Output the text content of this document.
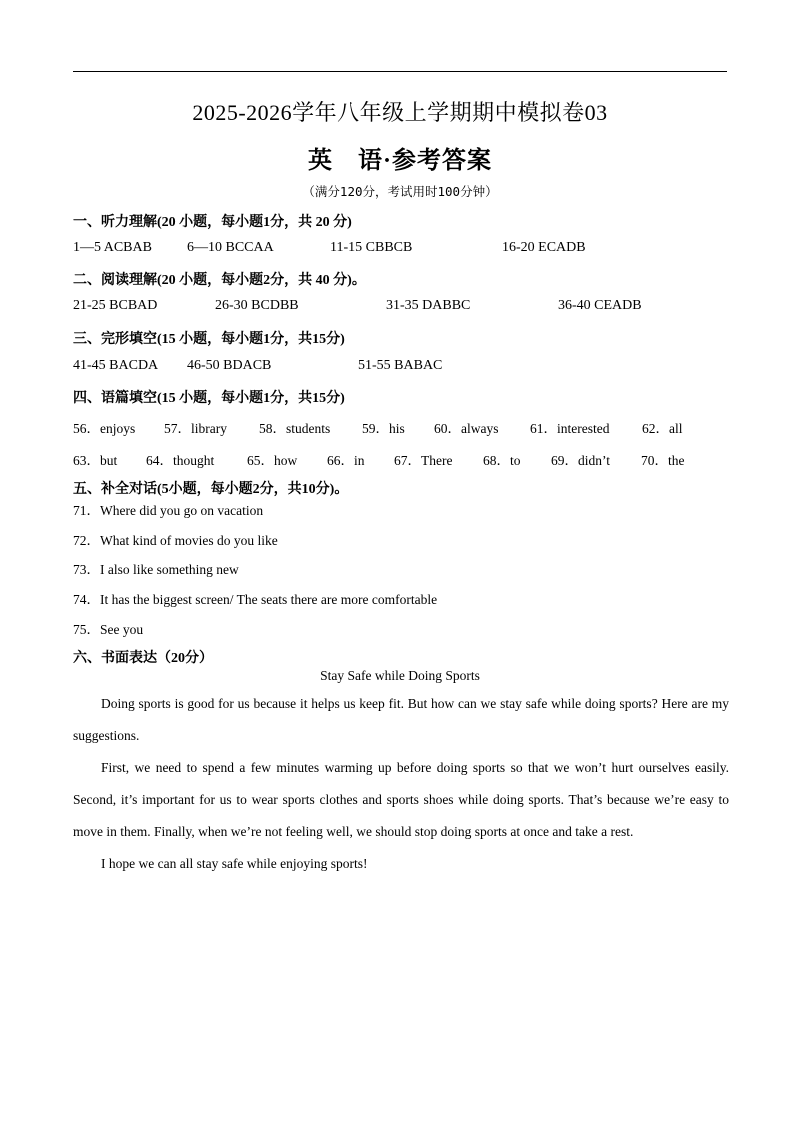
2025-2026学年八年级上学期期中模拟卷03
英　语·参考答案
（满分120分，考试用时100分钟）
一、听力理解(20 小题，每小题1分，共 20 分)
1—5 ACBAB	6—10 BCCAA	11-15 CBBCB	16-20 ECADB
二、阅读理解(20 小题，每小题2分，共 40 分)。
21-25 BCBAD	26-30 BCDBB	31-35 DABBC	36-40 CEADB
三、完形填空(15 小题，每小题1分，共15分)
41-45 BACDA 46-50 BDACB	51-55 BABAC
四、语篇填空(15 小题，每小题1分，共15分)
56．enjoys 57．library 58．students 59．his 60．always 61．interested 62．all
63．but 64．thought 65．how 66．in 67．There 68．to 69．didn’t 70．the
五、补全对话(5小题，每小题2分，共10分)。
71．Where did you go on vacation
72．What kind of movies do you like
73．I also like something new
74．It has the biggest screen/ The seats there are more comfortable
75．See you
六、书面表达（20分）
Stay Safe while Doing Sports

Doing sports is good for us because it helps us keep fit. But how can we stay safe while doing sports? Here are my suggestions.

First, we need to spend a few minutes warming up before doing sports so that we won’t hurt ourselves easily. Second, it’s important for us to wear sports clothes and sports shoes while doing sports. That’s because we’re easy to move in them. Finally, when we’re not feeling well, we should stop doing sports at once and take a rest.

I hope we can all stay safe while enjoying sports!
